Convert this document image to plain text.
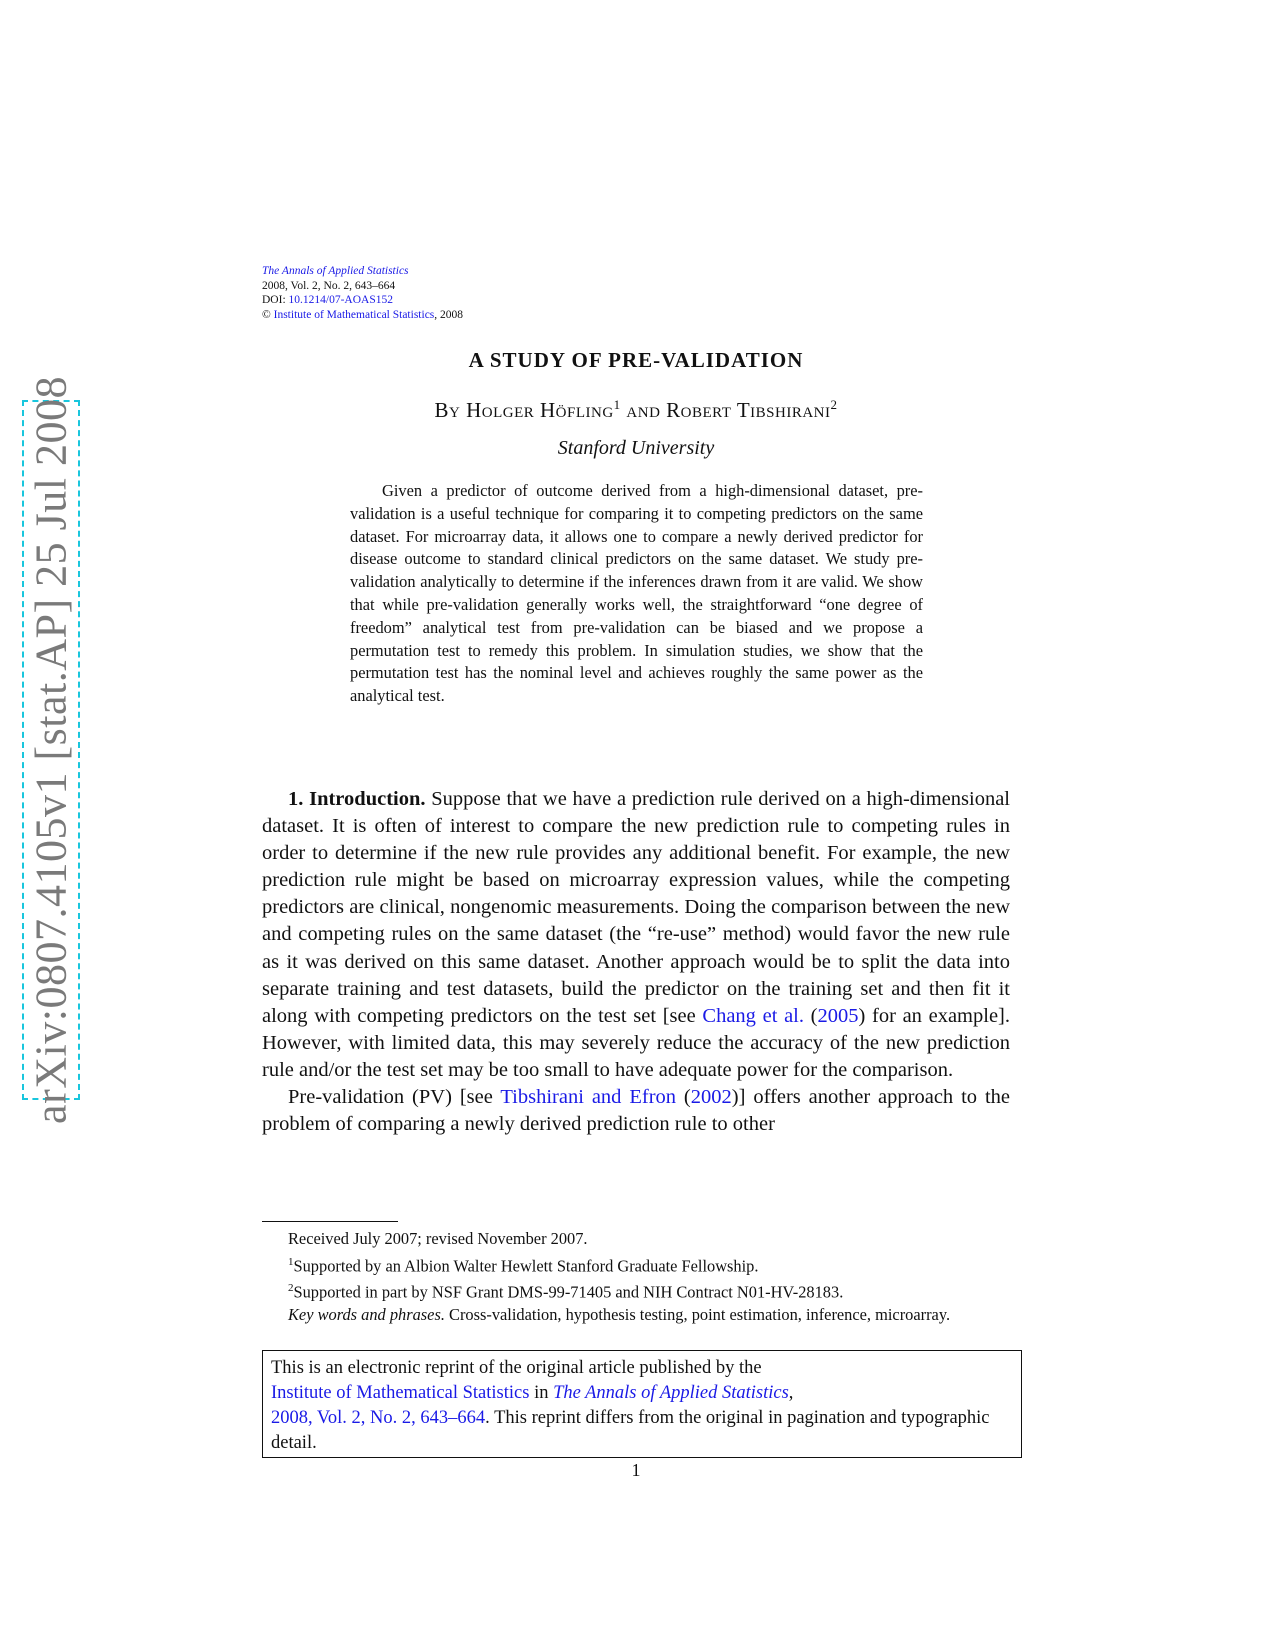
arXiv:0807.4105v1 [stat.AP] 25 Jul 2008
The Annals of Applied Statistics
2008, Vol. 2, No. 2, 643–664
DOI: 10.1214/07-AOAS152
© Institute of Mathematical Statistics, 2008
A STUDY OF PRE-VALIDATION
By Holger Höfling$^1$ and Robert Tibshirani$^2$
Stanford University

Given a predictor of outcome derived from a high-dimensional dataset, pre-validation is a useful technique for comparing it to competing predictors on the same dataset. For microarray data, it allows one to compare a newly derived predictor for disease outcome to standard clinical predictors on the same dataset. We study pre-validation analytically to determine if the inferences drawn from it are valid. We show that while pre-validation generally works well, the straightforward “one degree of freedom” analytical test from pre-validation can be biased and we propose a permutation test to remedy this problem. In simulation studies, we show that the permutation test has the nominal level and achieves roughly the same power as the analytical test.

1. Introduction. Suppose that we have a prediction rule derived on a high-dimensional dataset. It is often of interest to compare the new prediction rule to competing rules in order to determine if the new rule provides any additional benefit. For example, the new prediction rule might be based on microarray expression values, while the competing predictors are clinical, nongenomic measurements. Doing the comparison between the new and competing rules on the same dataset (the “re-use” method) would favor the new rule as it was derived on this same dataset. Another approach would be to split the data into separate training and test datasets, build the predictor on the training set and then fit it along with competing predictors on the test set [see Chang et al. (2005) for an example]. However, with limited data, this may severely reduce the accuracy of the new prediction rule and/or the test set may be too small to have adequate power for the comparison.

Pre-validation (PV) [see Tibshirani and Efron (2002)] offers another approach to the problem of comparing a newly derived prediction rule to other

Received July 2007; revised November 2007.
$^1$Supported by an Albion Walter Hewlett Stanford Graduate Fellowship.
$^2$Supported in part by NSF Grant DMS-99-71405 and NIH Contract N01-HV-28183.
Key words and phrases. Cross-validation, hypothesis testing, point estimation, inference, microarray.
This is an electronic reprint of the original article published by the
Institute of Mathematical Statistics in The Annals of Applied Statistics,
2008, Vol. 2, No. 2, 643–664. This reprint differs from the original in pagination and typographic detail.
1
